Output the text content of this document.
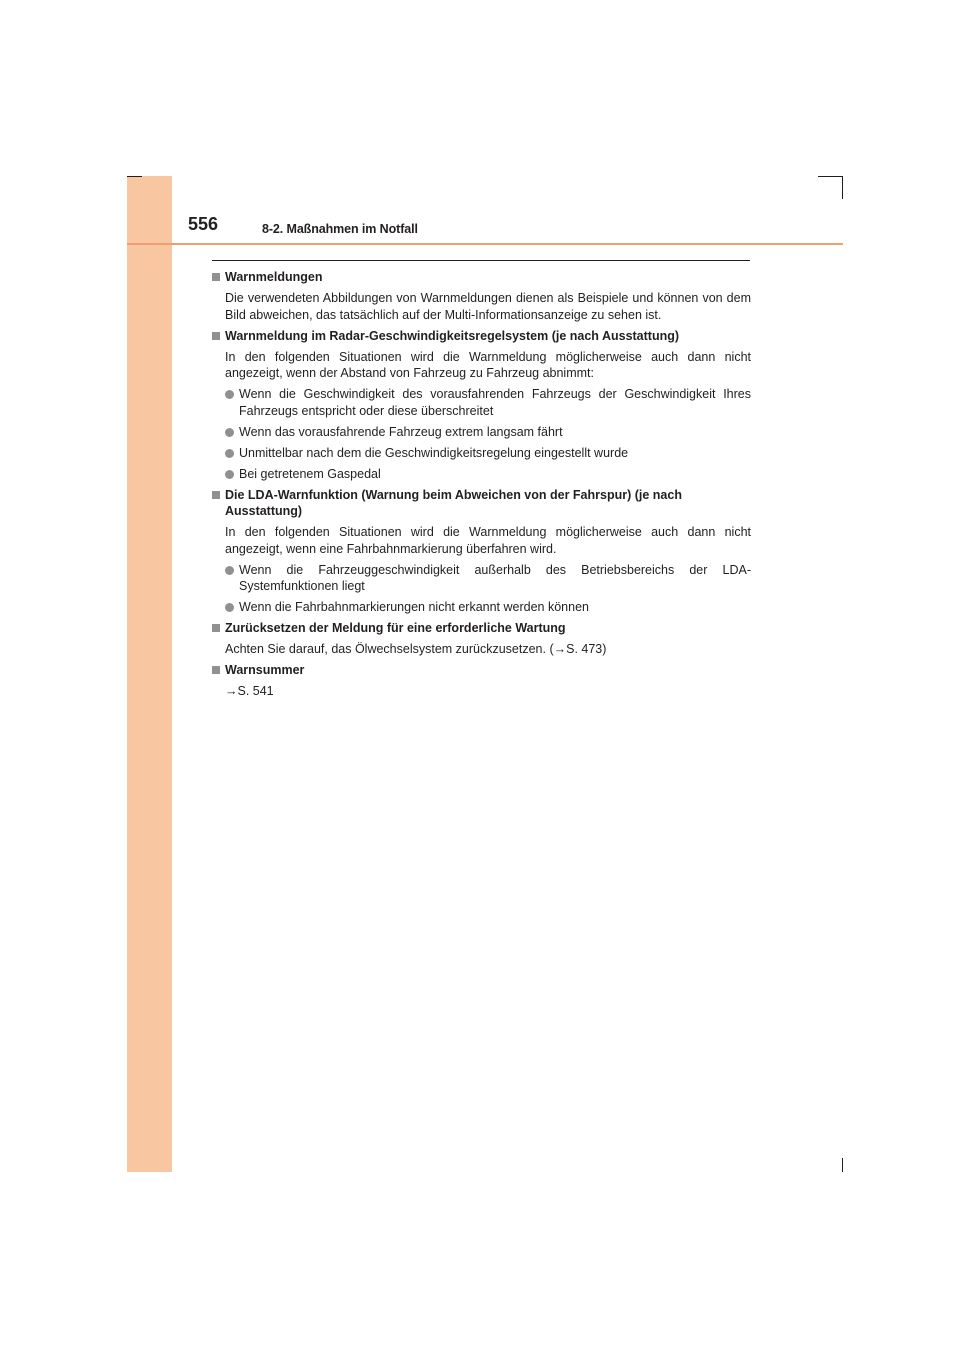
556	8-2. Maßnahmen im Notfall
Warnmeldungen
Die verwendeten Abbildungen von Warnmeldungen dienen als Beispiele und können von dem Bild abweichen, das tatsächlich auf der Multi-Informationsanzeige zu sehen ist.
Warnmeldung im Radar-Geschwindigkeitsregelsystem (je nach Ausstattung)
In den folgenden Situationen wird die Warnmeldung möglicherweise auch dann nicht angezeigt, wenn der Abstand von Fahrzeug zu Fahrzeug abnimmt:
Wenn die Geschwindigkeit des vorausfahrenden Fahrzeugs der Geschwindigkeit Ihres Fahrzeugs entspricht oder diese überschreitet
Wenn das vorausfahrende Fahrzeug extrem langsam fährt
Unmittelbar nach dem die Geschwindigkeitsregelung eingestellt wurde
Bei getretenem Gaspedal
Die LDA-Warnfunktion (Warnung beim Abweichen von der Fahrspur) (je nach Ausstattung)
In den folgenden Situationen wird die Warnmeldung möglicherweise auch dann nicht angezeigt, wenn eine Fahrbahnmarkierung überfahren wird.
Wenn die Fahrzeuggeschwindigkeit außerhalb des Betriebsbereichs der LDA-Systemfunktionen liegt
Wenn die Fahrbahnmarkierungen nicht erkannt werden können
Zurücksetzen der Meldung für eine erforderliche Wartung
Achten Sie darauf, das Ölwechselsystem zurückzusetzen. (→S. 473)
Warnsummer
→S. 541
